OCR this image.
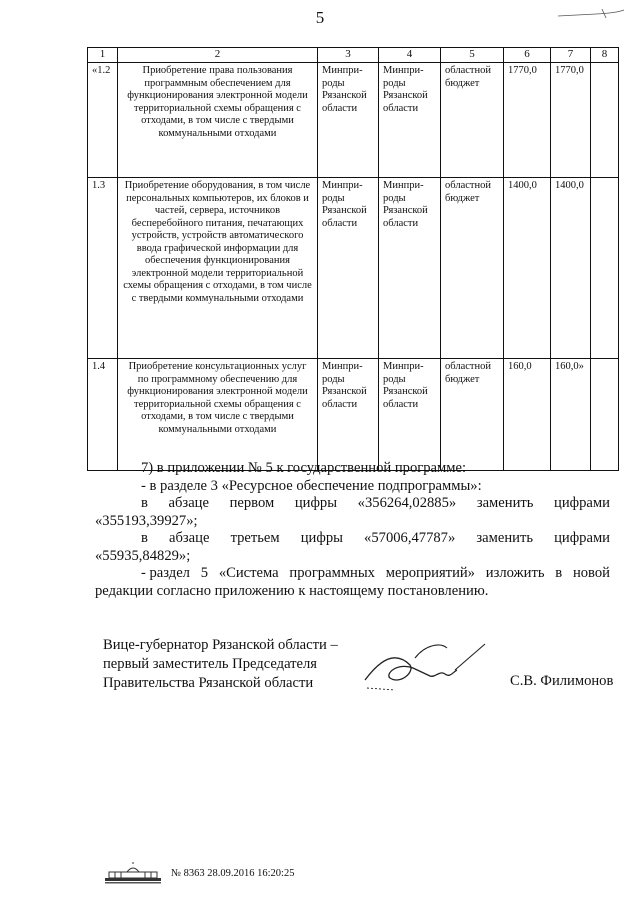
5
1	2	3	4	5	6	7	8
«1.2	Приобретение права пользования программным обеспечением для функционирования электронной модели территориальной схемы обращения с отходами, в том числе с твердыми коммунальными отходами	Минпри-роды Рязанской области	Минпри-роды Рязанской области	областной бюджет	1770,0	1770,0	
1.3	Приобретение оборудования, в том числе персональных компьютеров, их блоков и частей, сервера, источников бесперебойного питания, печатающих устройств, устройств автоматического ввода графической информации для обеспечения функционирования электронной модели территориальной схемы обращения с отходами, в том числе с твердыми коммунальными отходами	Минпри-роды Рязанской области	Минпри-роды Рязанской области	областной бюджет	1400,0	1400,0	
1.4	Приобретение консультационных услуг по программному обеспечению для функционирования электронной модели территориальной схемы обращения с отходами, в том числе с твердыми коммунальными отходами	Минпри-роды Рязанской области	Минпри-роды Рязанской области	областной бюджет	160,0	160,0»	
7) в приложении № 5 к государственной программе:
- в разделе 3 «Ресурсное обеспечение подпрограммы»:
в абзаце первом цифры «356264,02885» заменить цифрами
«355193,39927»;
в абзаце третьем цифры «57006,47787» заменить цифрами
«55935,84829»;
- раздел 5 «Система программных мероприятий» изложить в новой
редакции согласно приложению к настоящему постановлению.
Вице-губернатор Рязанской области –
первый заместитель Председателя
Правительства Рязанской области	С.В. Филимонов
№ 8363 28.09.2016 16:20:25
